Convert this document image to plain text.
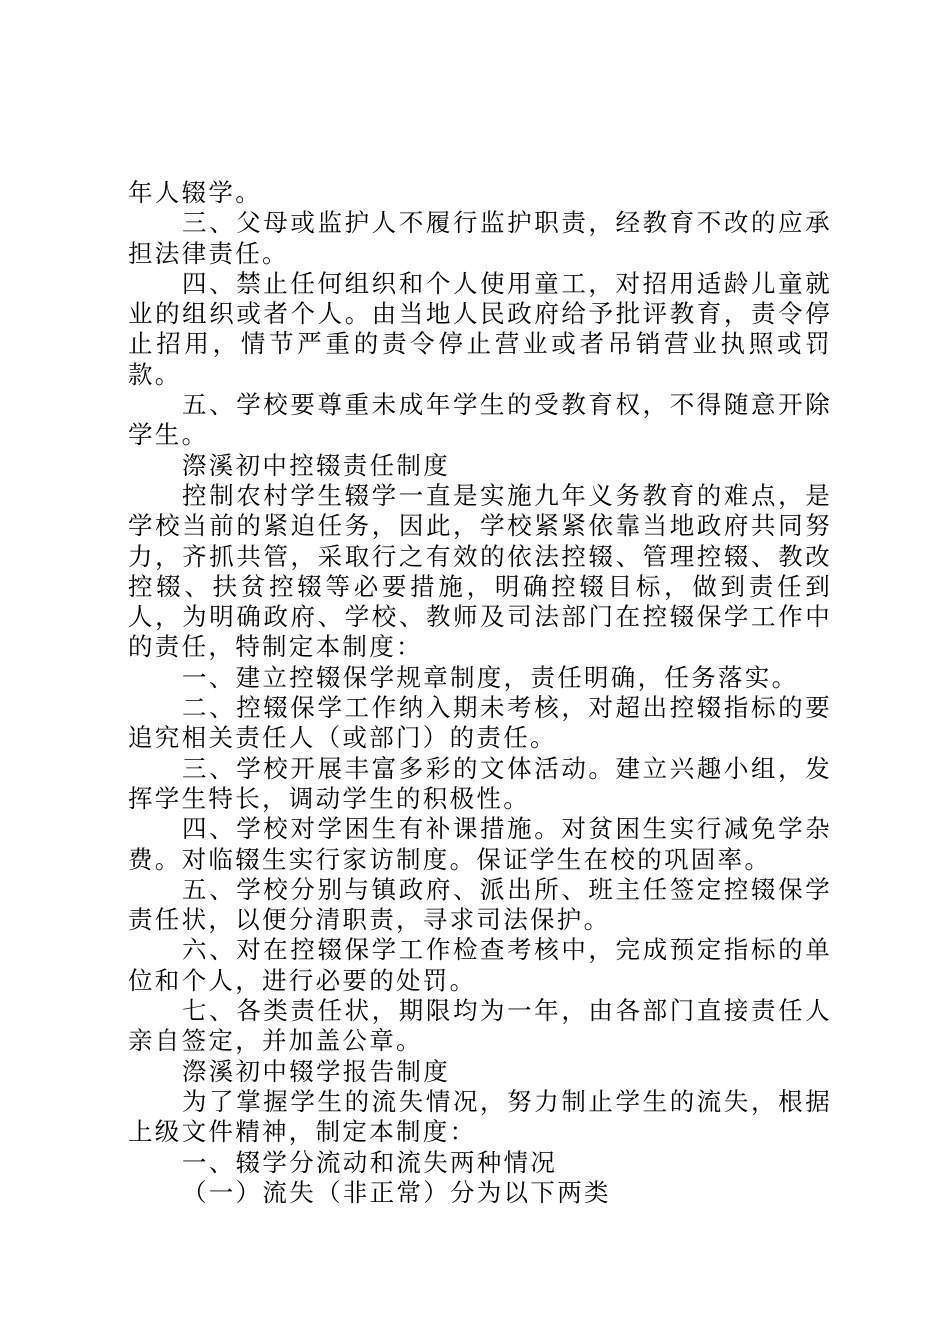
年人辍学。

三、父母或监护人不履行监护职责，经教育不改的应承担法律责任。

四、禁止任何组织和个人使用童工，对招用适龄儿童就业的组织或者个人。由当地人民政府给予批评教育，责令停止招用，情节严重的责令停止营业或者吊销营业执照或罚款。

五、学校要尊重未成年学生的受教育权，不得随意开除学生。

漈溪初中控辍责任制度

控制农村学生辍学一直是实施九年义务教育的难点，是学校当前的紧迫任务，因此，学校紧紧依靠当地政府共同努力，齐抓共管，采取行之有效的依法控辍、管理控辍、教改控辍、扶贫控辍等必要措施，明确控辍目标，做到责任到人，为明确政府、学校、教师及司法部门在控辍保学工作中的责任，特制定本制度：

一、建立控辍保学规章制度，责任明确，任务落实。

二、控辍保学工作纳入期未考核，对超出控辍指标的要追究相关责任人（或部门）的责任。

三、学校开展丰富多彩的文体活动。建立兴趣小组，发挥学生特长，调动学生的积极性。

四、学校对学困生有补课措施。对贫困生实行减免学杂费。对临辍生实行家访制度。保证学生在校的巩固率。

五、学校分别与镇政府、派出所、班主任签定控辍保学责任状，以便分清职责，寻求司法保护。

六、对在控辍保学工作检查考核中，完成预定指标的单位和个人，进行必要的处罚。

七、各类责任状，期限均为一年，由各部门直接责任人亲自签定，并加盖公章。

漈溪初中辍学报告制度

为了掌握学生的流失情况，努力制止学生的流失，根据上级文件精神，制定本制度：

一、辍学分流动和流失两种情况

（一）流失（非正常）分为以下两类
